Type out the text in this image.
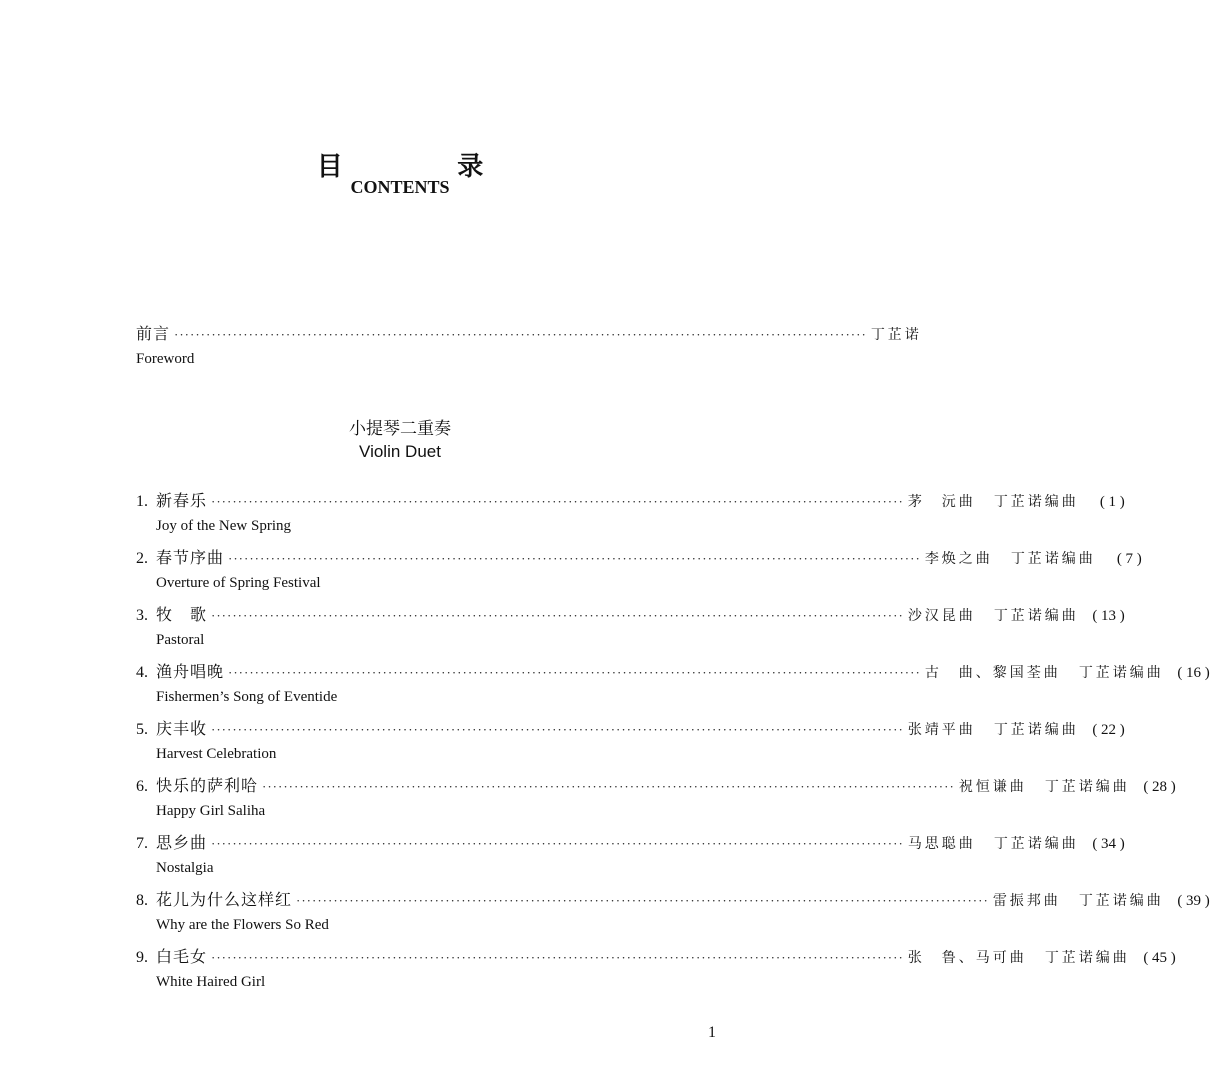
目 录
CONTENTS
前言 ·································································································································· 丁芷诺
Foreword
小提琴二重奏
Violin Duet
1. 新春乐 ·································································································································· 茅　沅曲 丁芷诺编曲	( 1 )
Joy of the New Spring
2. 春节序曲 ·································································································································· 李焕之曲 丁芷诺编曲	( 7 )
Overture of Spring Festival
3. 牧　歌 ·································································································································· 沙汉昆曲 丁芷诺编曲 ( 13 )
Pastoral
4. 渔舟唱晚 ·································································································································· 古　曲、黎国荃曲 丁芷诺编曲 ( 16 )
Fishermen’s Song of Eventide
5. 庆丰收 ·································································································································· 张靖平曲 丁芷诺编曲 ( 22 )
Harvest Celebration
6. 快乐的萨利哈 ·································································································································· 祝恒谦曲 丁芷诺编曲 ( 28 )
Happy Girl Saliha
7. 思乡曲 ·································································································································· 马思聪曲 丁芷诺编曲 ( 34 )
Nostalgia
8. 花儿为什么这样红 ·································································································································· 雷振邦曲 丁芷诺编曲 ( 39 )
Why are the Flowers So Red
9. 白毛女 ·································································································································· 张　鲁、马可曲 丁芷诺编曲 ( 45 )
White Haired Girl
1
